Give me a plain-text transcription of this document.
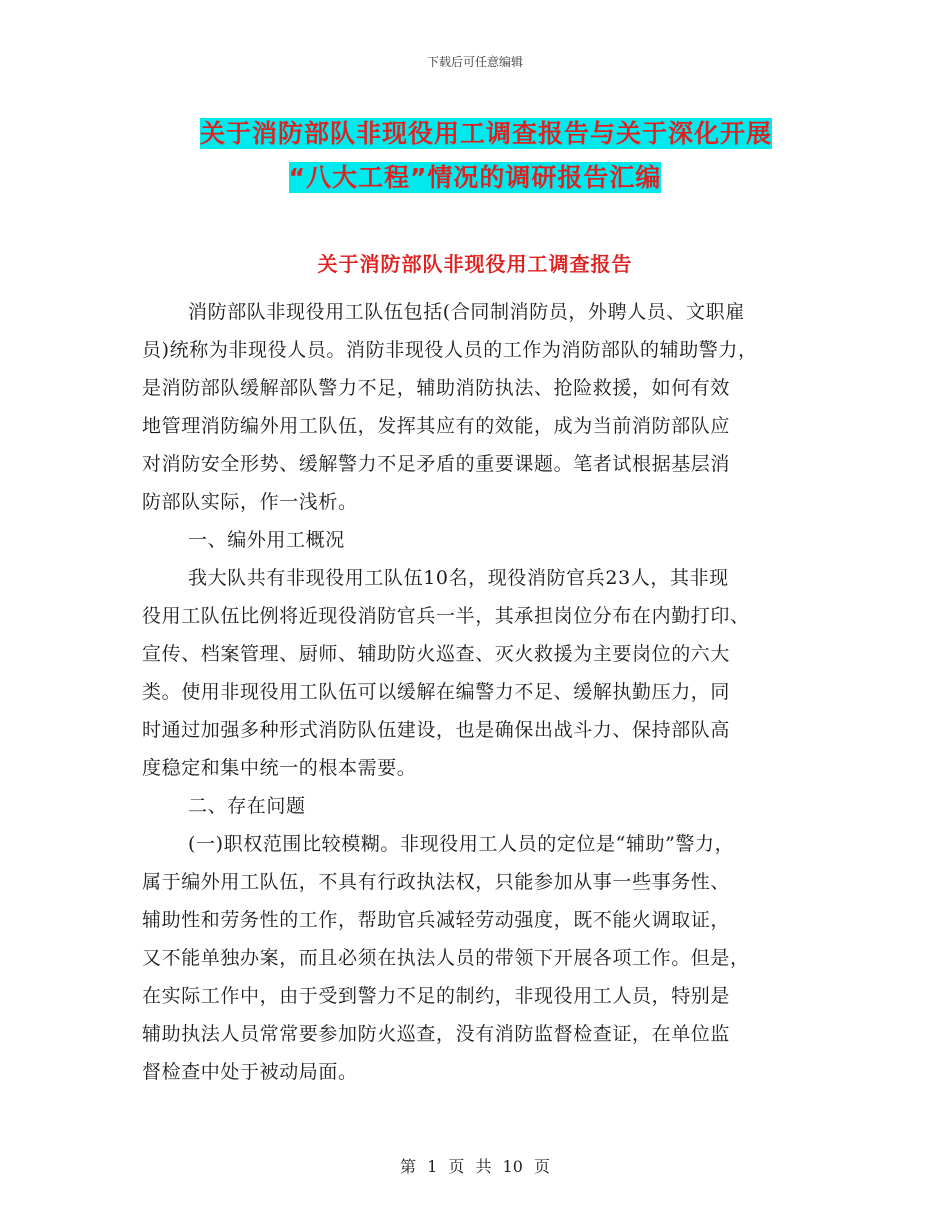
下载后可任意编辑
关于消防部队非现役用工调查报告与关于深化开展
“八大工程”情况的调研报告汇编
关于消防部队非现役用工调查报告
消防部队非现役用工队伍包括(合同制消防员，外聘人员、文职雇
员)统称为非现役人员。消防非现役人员的工作为消防部队的辅助警力，
是消防部队缓解部队警力不足，辅助消防执法、抢险救援，如何有效
地管理消防编外用工队伍，发挥其应有的效能，成为当前消防部队应
对消防安全形势、缓解警力不足矛盾的重要课题。笔者试根据基层消
防部队实际，作一浅析。
一、编外用工概况
我大队共有非现役用工队伍10名，现役消防官兵23人，其非现
役用工队伍比例将近现役消防官兵一半，其承担岗位分布在内勤打印、
宣传、档案管理、厨师、辅助防火巡查、灭火救援为主要岗位的六大
类。使用非现役用工队伍可以缓解在编警力不足、缓解执勤压力，同
时通过加强多种形式消防队伍建设，也是确保出战斗力、保持部队高
度稳定和集中统一的根本需要。
二、存在问题
(一)职权范围比较模糊。非现役用工人员的定位是“辅助”警力，
属于编外用工队伍，不具有行政执法权，只能参加从事一些事务性、
辅助性和劳务性的工作，帮助官兵减轻劳动强度，既不能火调取证，
又不能单独办案，而且必须在执法人员的带领下开展各项工作。但是，
在实际工作中，由于受到警力不足的制约，非现役用工人员，特别是
辅助执法人员常常要参加防火巡查，没有消防监督检查证，在单位监
督检查中处于被动局面。
第 1 页 共 10 页
